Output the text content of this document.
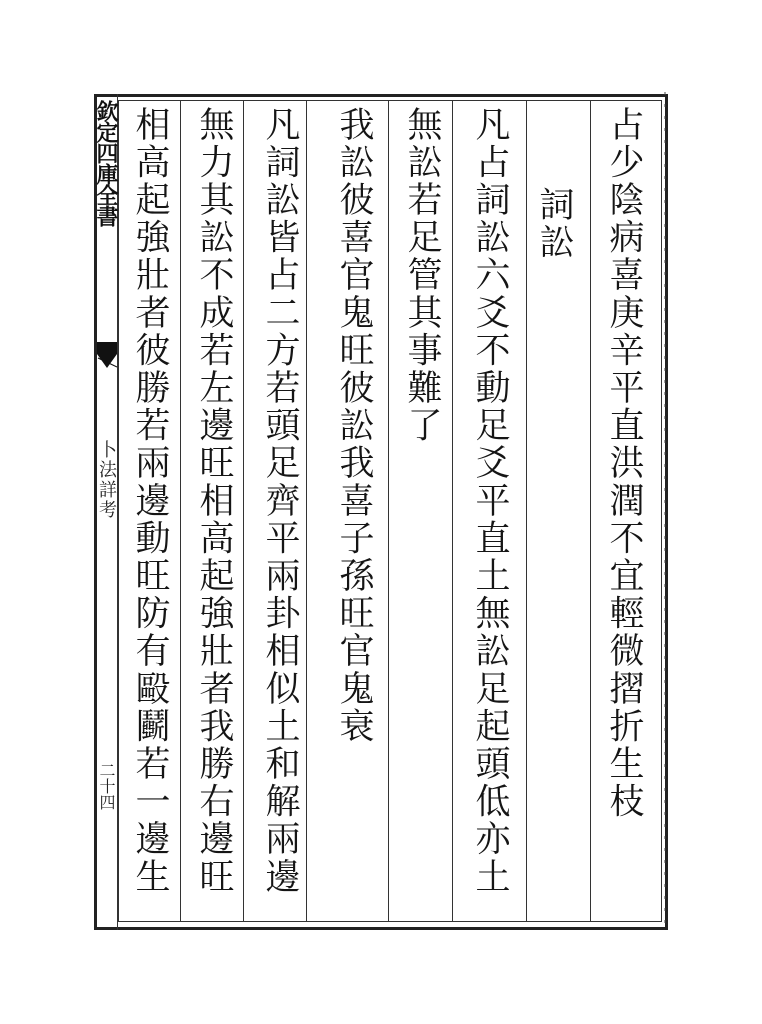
欽定四庫全書
卜法詳考
二十四	占少陰病喜庚辛平直洪潤不宜輕微摺折生枝
詞訟
凡占詞訟六爻不動足爻平直土無訟足起頭低亦土
無訟若足管其事難了
我訟彼喜官鬼旺彼訟我喜子孫旺官鬼衰
凡詞訟皆占二方若頭足齊平兩卦相似土和解兩邊
無力其訟不成若左邊旺相高起強壯者我勝右邊旺
相高起強壯者彼勝若兩邊動旺防有毆鬬若一邊生
